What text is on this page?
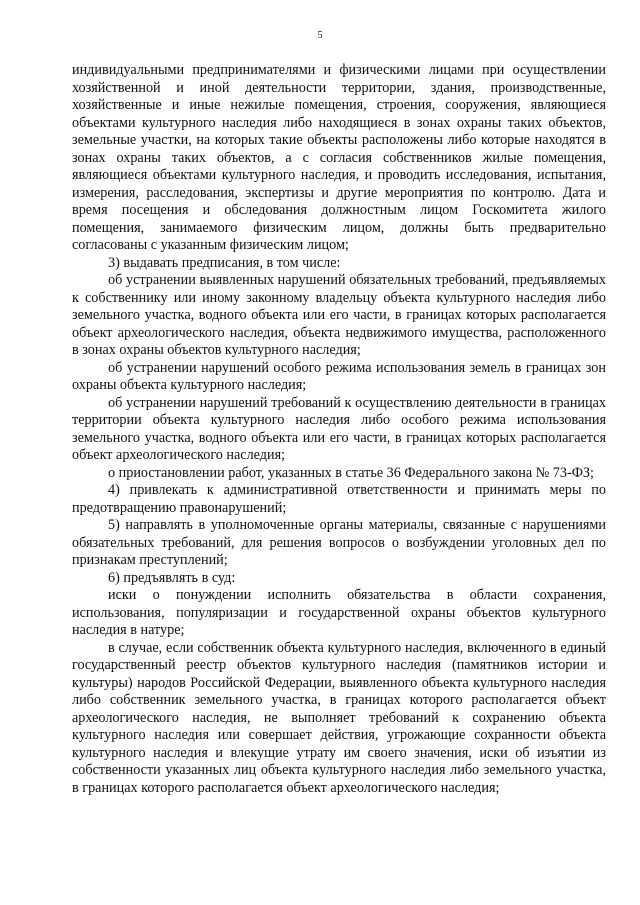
5

индивидуальными предпринимателями и физическими лицами при осуществлении хозяйственной и иной деятельности территории, здания, производственные, хозяйственные и иные нежилые помещения, строения, сооружения, являющиеся объектами культурного наследия либо находящиеся в зонах охраны таких объектов, земельные участки, на которых такие объекты расположены либо которые находятся в зонах охраны таких объектов, а с согласия собственников жилые помещения, являющиеся объектами культурного наследия, и проводить исследования, испытания, измерения, расследования, экспертизы и другие мероприятия по контролю. Дата и время посещения и обследования должностным лицом Госкомитета жилого помещения, занимаемого физическим лицом, должны быть предварительно согласованы с указанным физическим лицом;

3) выдавать предписания, в том числе:

об устранении выявленных нарушений обязательных требований, предъявляемых к собственнику или иному законному владельцу объекта культурного наследия либо земельного участка, водного объекта или его части, в границах которых располагается объект археологического наследия, объекта недвижимого имущества, расположенного в зонах охраны объектов культурного наследия;

об устранении нарушений особого режима использования земель в границах зон охраны объекта культурного наследия;

об устранении нарушений требований к осуществлению деятельности в границах территории объекта культурного наследия либо особого режима использования земельного участка, водного объекта или его части, в границах которых располагается объект археологического наследия;

о приостановлении работ, указанных в статье 36 Федерального закона № 73-ФЗ;

4) привлекать к административной ответственности и принимать меры по предотвращению правонарушений;

5) направлять в уполномоченные органы материалы, связанные с нарушениями обязательных требований, для решения вопросов о возбуждении уголовных дел по признакам преступлений;

6) предъявлять в суд:

иски о понуждении исполнить обязательства в области сохранения, использования, популяризации и государственной охраны объектов культурного наследия в натуре;

в случае, если собственник объекта культурного наследия, включенного в единый государственный реестр объектов культурного наследия (памятников истории и культуры) народов Российской Федерации, выявленного объекта культурного наследия либо собственник земельного участка, в границах которого располагается объект археологического наследия, не выполняет требований к сохранению объекта культурного наследия или совершает действия, угрожающие сохранности объекта культурного наследия и влекущие утрату им своего значения, иски об изъятии из собственности указанных лиц объекта культурного наследия либо земельного участка, в границах которого располагается объект археологического наследия;
